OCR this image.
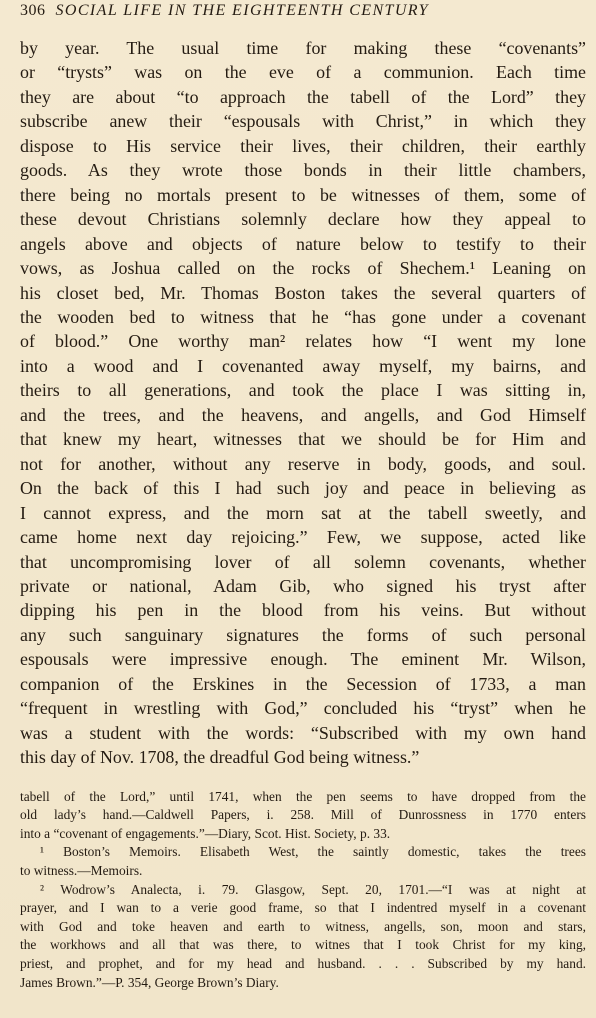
306 SOCIAL LIFE IN THE EIGHTEENTH CENTURY

by year. The usual time for making these “covenants”
or “trysts” was on the eve of a communion. Each time
they are about “to approach the tabell of the Lord” they
subscribe anew their “espousals with Christ,” in which they
dispose to His service their lives, their children, their earthly
goods. As they wrote those bonds in their little chambers,
there being no mortals present to be witnesses of them, some of
these devout Christians solemnly declare how they appeal to
angels above and objects of nature below to testify to their
vows, as Joshua called on the rocks of Shechem.¹ Leaning on
his closet bed, Mr. Thomas Boston takes the several quarters of
the wooden bed to witness that he “has gone under a covenant
of blood.” One worthy man² relates how “I went my lone
into a wood and I covenanted away myself, my bairns, and
theirs to all generations, and took the place I was sitting in,
and the trees, and the heavens, and angells, and God Himself
that knew my heart, witnesses that we should be for Him and
not for another, without any reserve in body, goods, and soul.
On the back of this I had such joy and peace in believing as
I cannot express, and the morn sat at the tabell sweetly, and
came home next day rejoicing.” Few, we suppose, acted like
that uncompromising lover of all solemn covenants, whether
private or national, Adam Gib, who signed his tryst after
dipping his pen in the blood from his veins. But without
any such sanguinary signatures the forms of such personal
espousals were impressive enough. The eminent Mr. Wilson,
companion of the Erskines in the Secession of 1733, a man
“frequent in wrestling with God,” concluded his “tryst” when he
was a student with the words: “Subscribed with my own hand
this day of Nov. 1708, the dreadful God being witness.”

tabell of the Lord,” until 1741, when the pen seems to have dropped from the
old lady’s hand.—Caldwell Papers, i. 258. Mill of Dunrossness in 1770 enters
into a “covenant of engagements.”—Diary, Scot. Hist. Society, p. 33.
¹ Boston’s Memoirs. Elisabeth West, the saintly domestic, takes the trees
to witness.—Memoirs.
² Wodrow’s Analecta, i. 79. Glasgow, Sept. 20, 1701.—“I was at night at
prayer, and I wan to a verie good frame, so that I indentred myself in a covenant
with God and toke heaven and earth to witness, angells, son, moon and stars,
the workhows and all that was there, to witnes that I took Christ for my king,
priest, and prophet, and for my head and husband. . . . Subscribed by my hand.
James Brown.”—P. 354, George Brown’s Diary.
